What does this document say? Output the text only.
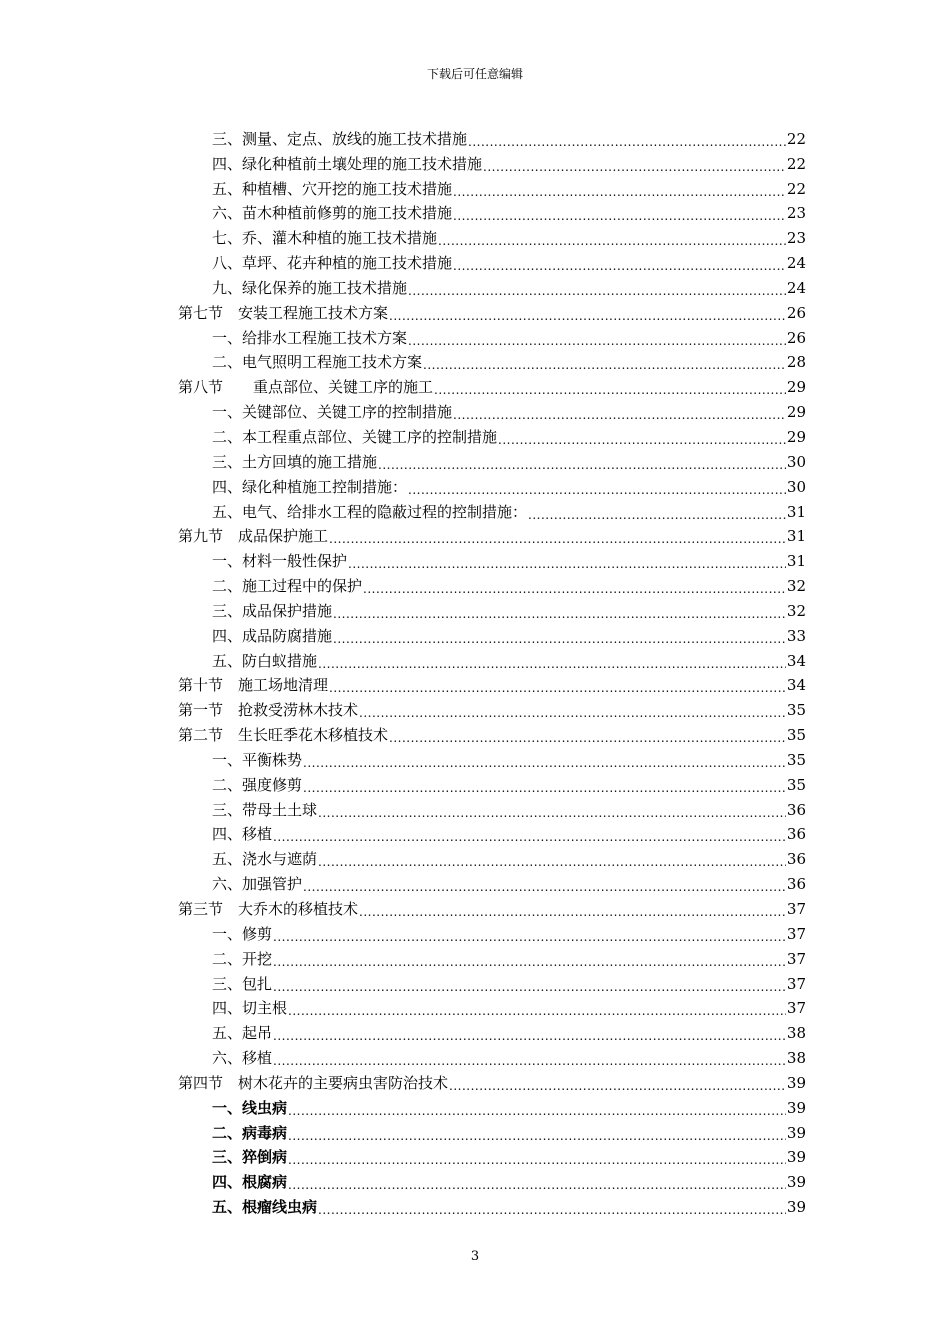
下载后可任意编辑
三、测量、定点、放线的施工技术措施 .....	22
四、绿化种植前土壤处理的施工技术措施 .....	22
五、种植槽、穴开挖的施工技术措施 .....	22
六、苗木种植前修剪的施工技术措施 .....	23
七、乔、灌木种植的施工技术措施 .....	23
八、草坪、花卉种植的施工技术措施 .....	24
九、绿化保养的施工技术措施 .....	24
第七节　安装工程施工技术方案 .....	26
一、给排水工程施工技术方案 .....	26
二、电气照明工程施工技术方案 .....	28
第八节　　重点部位、关键工序的施工 .....	29
一、关键部位、关键工序的控制措施 .....	29
二、本工程重点部位、关键工序的控制措施 .....	29
三、土方回填的施工措施 .....	30
四、绿化种植施工控制措施： .....	30
五、电气、给排水工程的隐蔽过程的控制措施： .....	31
第九节　成品保护施工 .....	31
一、材料一般性保护 .....	31
二、施工过程中的保护 .....	32
三、成品保护措施 .....	32
四、成品防腐措施 .....	33
五、防白蚁措施 .....	34
第十节　施工场地清理 .....	34
第一节　抢救受涝林木技术 .....	35
第二节　生长旺季花木移植技术 .....	35
一、平衡株势 .....	35
二、强度修剪 .....	35
三、带母土土球 .....	36
四、移植 .....	36
五、浇水与遮荫 .....	36
六、加强管护 .....	36
第三节　大乔木的移植技术 .....	37
一、修剪 .....	37
二、开挖 .....	37
三、包扎 .....	37
四、切主根 .....	37
五、起吊 .....	38
六、移植 .....	38
第四节　树木花卉的主要病虫害防治技术 .....	39
一、线虫病 .....	39
二、病毒病 .....	39
三、猝倒病 .....	39
四、根腐病 .....	39
五、根瘤线虫病 .....	39
3
